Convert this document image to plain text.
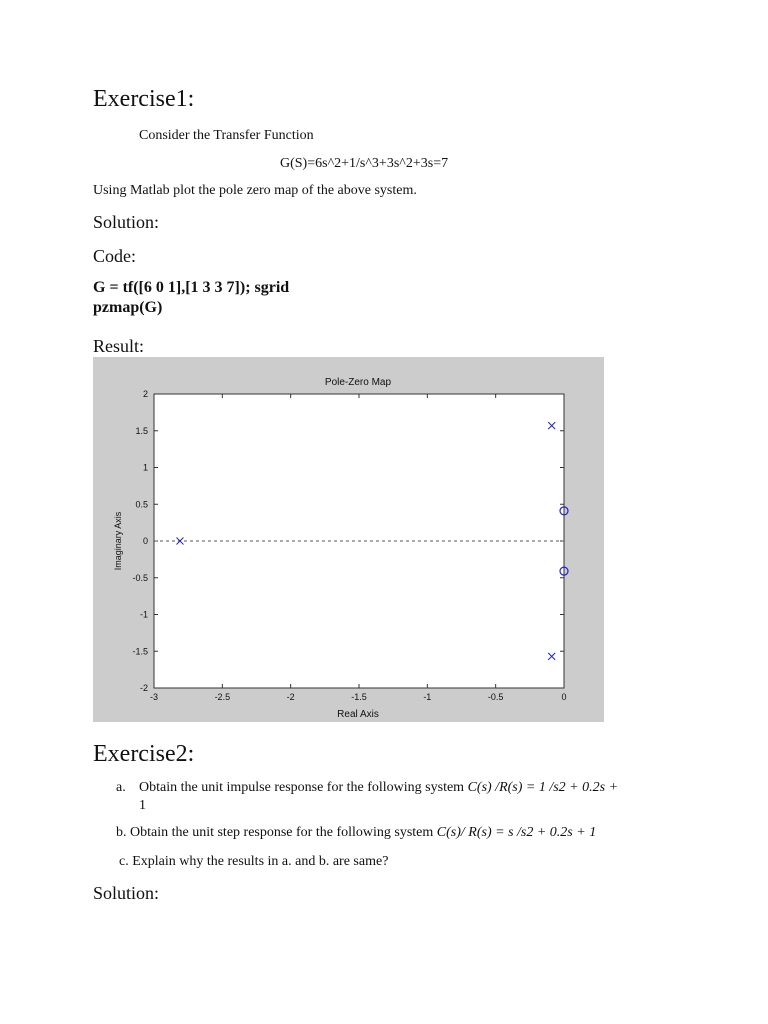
Exercise1:
Consider the Transfer Function
G(S)=6s^2+1/s^3+3s^2+3s=7
Using Matlab plot the pole zero map of the above system.
Solution:
Code:
G = tf([6 0 1],[1 3 3 7]); sgrid
pzmap(G)
Result:
Pole-Zero Map
-3	-2.5	-2	-1.5	-1	-0.5	0
2
1.5
1
0.5
0
-0.5
-1
-1.5
-2
Real Axis
Imaginary Axis
Exercise2:
a. Obtain the unit impulse response for the following system C(s) /R(s) = 1 /s2 + 0.2s +
1
b. Obtain the unit step response for the following system C(s)/ R(s) = s /s2 + 0.2s + 1
c. Explain why the results in a. and b. are same?
Solution:
